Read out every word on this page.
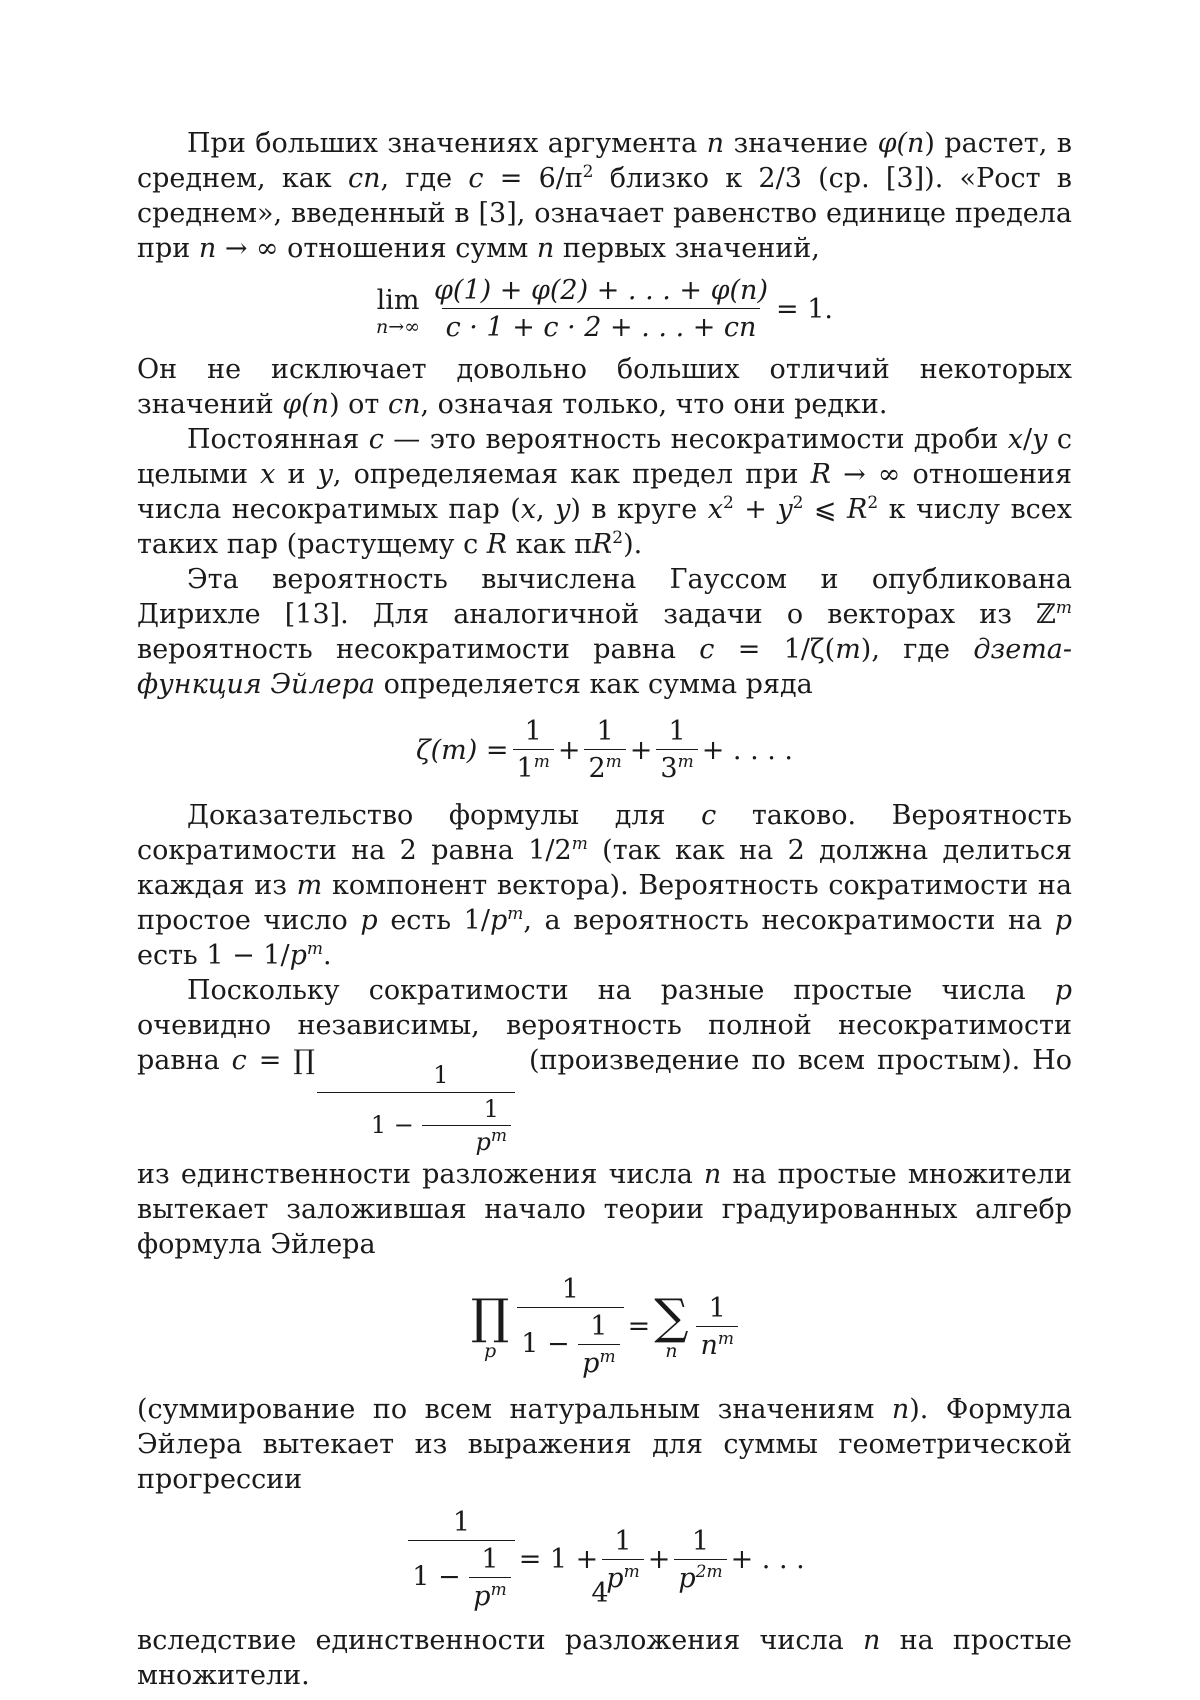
При больших значениях аргумента n значение φ(n) растет, в среднем, как cn, где $c = 6/\pi^2$ близко к 2/3 (ср. [3]). «Рост в среднем», введенный в [3], означает равенство единице предела при n → ∞ отношения сумм n первых значений,

lim
$n\to\infty \frac{\varphi(1) + \varphi(2) + . . . + \varphi(n)}{c \cdot 1 + c \cdot 2 + . . . + cn} = 1$.

Он не исключает довольно больших отличий некоторых значений φ(n) от cn, означая только, что они редки.

Постоянная c — это вероятность несократимости дроби x/y с целыми x и y, определяемая как предел при R → ∞ отношения числа несократимых пар (x, y) в круге $x^2 + y^2$ ⩽ $R^2$ к числу всех таких пар (растущему с R как $\pi R^2$).

Эта вероятность вычислена Гауссом и опубликована Дирихле [13]. Для аналогичной задачи о векторах из ℤ$^m$ вероятность несократимости равна c = 1/ζ(m), где дзета-функция Эйлера определяется как сумма ряда

$\zeta(m) = \frac{1}{1^m} + \frac{1}{2^m} + \frac{1}{3^m}$ + . . . .

Доказательство формулы для c таково. Вероятность сократимости на 2 равна 1/2$^m$ (так как на 2 должна делиться каждая из m компонент вектора). Вероятность сократимости на простое число p есть $1/p^m$, а вероятность несократимости на p есть $1 - 1/p^m$.

Поскольку сократимости на разные простые числа p очевидно независимы, вероятность полной несократимости равна c = ∏
$\frac{1}{1 - \frac{1}{p^m}}$
(произведение по всем простым). Но из единственности разложения числа n на простые множители вытекает заложившая начало теории градуированных алгебр формула Эйлера

∏
p $\frac{1}{1 - \frac{1}{p^m}}$ = ∑
n $\frac{1}{n^m}$

(суммирование по всем натуральным значениям n). Формула Эйлера вытекает из выражения для суммы геометрической прогрессии

$\frac{1}{1 - \frac{1}{p^m}} = 1 + \frac{1}{p^m} + \frac{1}{p^{2m}}$ + . . .

вследствие единственности разложения числа n на простые множители.

4
